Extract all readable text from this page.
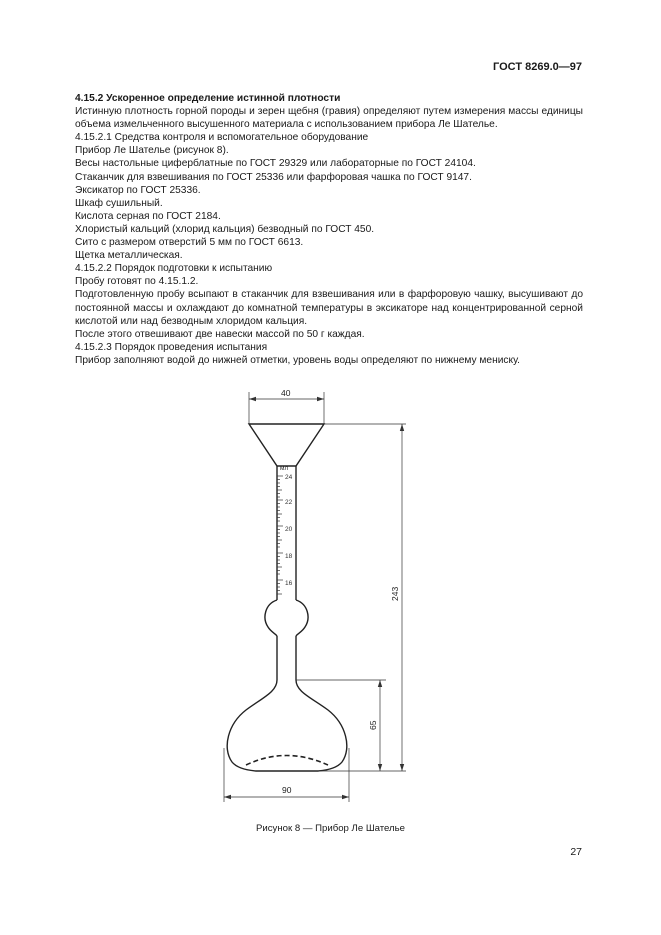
ГОСТ 8269.0—97

4.15.2 Ускоренное определение истинной плотности

Истинную плотность горной породы и зерен щебня (гравия) определяют путем измерения массы единицы объема измельченного высушенного материала с использованием прибора Ле Шателье.

4.15.2.1 Средства контроля и вспомогательное оборудование

Прибор Ле Шателье (рисунок 8).

Весы настольные циферблатные по ГОСТ 29329 или лабораторные по ГОСТ 24104.

Стаканчик для взвешивания по ГОСТ 25336 или фарфоровая чашка по ГОСТ 9147.

Эксикатор по ГОСТ 25336.

Шкаф сушильный.

Кислота серная по ГОСТ 2184.

Хлористый кальций (хлорид кальция) безводный по ГОСТ 450.

Сито с размером отверстий 5 мм по ГОСТ 6613.

Щетка металлическая.

4.15.2.2 Порядок подготовки к испытанию

Пробу готовят по 4.15.1.2.

Подготовленную пробу всыпают в стаканчик для взвешивания или в фарфоровую чашку, высушивают до постоянной массы и охлаждают до комнатной температуры в эксикаторе над концентрированной серной кислотой или над безводным хлоридом кальция.

После этого отвешивают две навески массой по 50 г каждая.

4.15.2.3 Порядок проведения испытания

Прибор заполняют водой до нижней отметки, уровень воды определяют по нижнему мениску.

мл
24
22
20
18
16
40
90
243
65
Рисунок 8 — Прибор Ле Шателье
27
